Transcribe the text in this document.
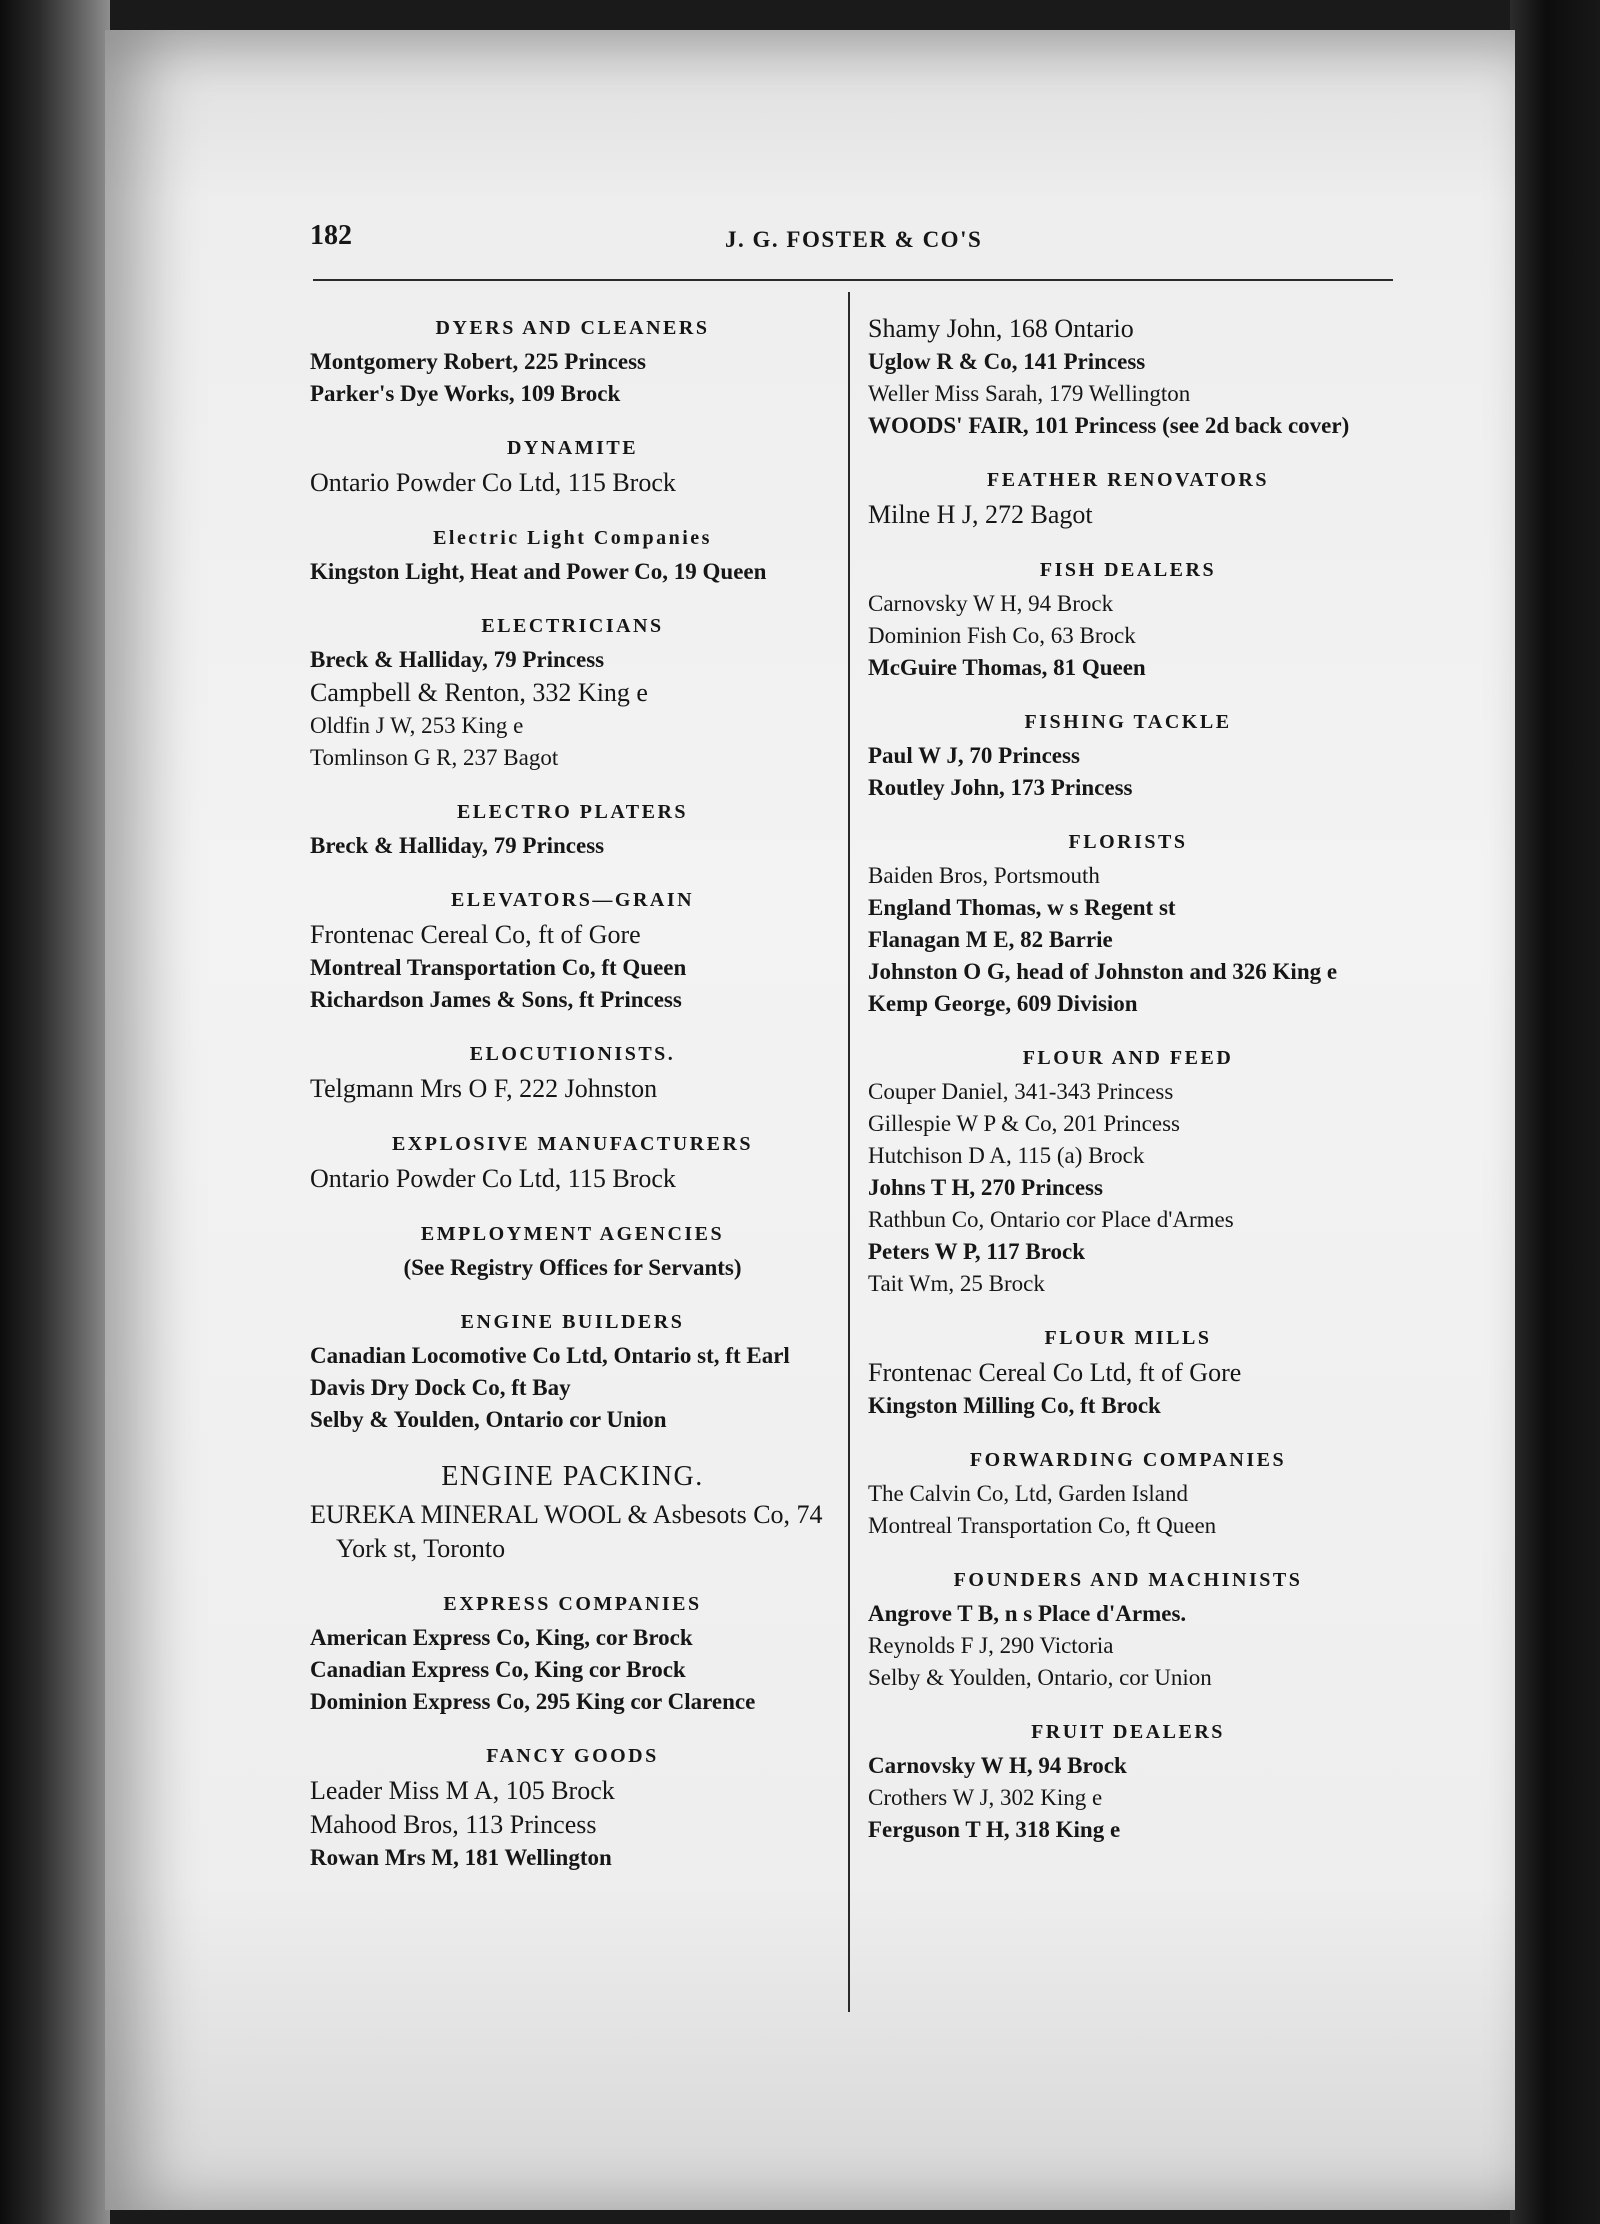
182	J. G. FOSTER & CO'S
DYERS AND CLEANERS
Montgomery Robert, 225 Princess
Parker's Dye Works, 109 Brock
DYNAMITE
Ontario Powder Co Ltd, 115 Brock
Electric Light Companies
Kingston Light, Heat and Power Co, 19 Queen
ELECTRICIANS
Breck & Halliday, 79 Princess
Campbell & Renton, 332 King e
Oldfin J W, 253 King e
Tomlinson G R, 237 Bagot
ELECTRO PLATERS
Breck & Halliday, 79 Princess
ELEVATORS—GRAIN
Frontenac Cereal Co, ft of Gore
Montreal Transportation Co, ft Queen
Richardson James & Sons, ft Princess
ELOCUTIONISTS.
Telgmann Mrs O F, 222 Johnston
EXPLOSIVE MANUFACTURERS
Ontario Powder Co Ltd, 115 Brock
EMPLOYMENT AGENCIES
(See Registry Offices for Servants)
ENGINE BUILDERS
Canadian Locomotive Co Ltd, Ontario st, ft Earl
Davis Dry Dock Co, ft Bay
Selby & Youlden, Ontario cor Union
ENGINE PACKING.
EUREKA MINERAL WOOL & Asbesots Co, 74 York st, Toronto
EXPRESS COMPANIES
American Express Co, King, cor Brock
Canadian Express Co, King cor Brock
Dominion Express Co, 295 King cor Clarence
FANCY GOODS
Leader Miss M A, 105 Brock
Mahood Bros, 113 Princess
Rowan Mrs M, 181 Wellington
Shamy John, 168 Ontario
Uglow R & Co, 141 Princess
Weller Miss Sarah, 179 Wellington
WOODS' FAIR, 101 Princess (see 2d back cover)
FEATHER RENOVATORS
Milne H J, 272 Bagot
FISH DEALERS
Carnovsky W H, 94 Brock
Dominion Fish Co, 63 Brock
McGuire Thomas, 81 Queen
FISHING TACKLE
Paul W J, 70 Princess
Routley John, 173 Princess
FLORISTS
Baiden Bros, Portsmouth
England Thomas, w s Regent st
Flanagan M E, 82 Barrie
Johnston O G, head of Johnston and 326 King e
Kemp George, 609 Division
FLOUR AND FEED
Couper Daniel, 341-343 Princess
Gillespie W P & Co, 201 Princess
Hutchison D A, 115 (a) Brock
Johns T H, 270 Princess
Rathbun Co, Ontario cor Place d'Armes
Peters W P, 117 Brock
Tait Wm, 25 Brock
FLOUR MILLS
Frontenac Cereal Co Ltd, ft of Gore
Kingston Milling Co, ft Brock
FORWARDING COMPANIES
The Calvin Co, Ltd, Garden Island
Montreal Transportation Co, ft Queen
FOUNDERS AND MACHINISTS
Angrove T B, n s Place d'Armes.
Reynolds F J, 290 Victoria
Selby & Youlden, Ontario, cor Union
FRUIT DEALERS
Carnovsky W H, 94 Brock
Crothers W J, 302 King e
Ferguson T H, 318 King e
